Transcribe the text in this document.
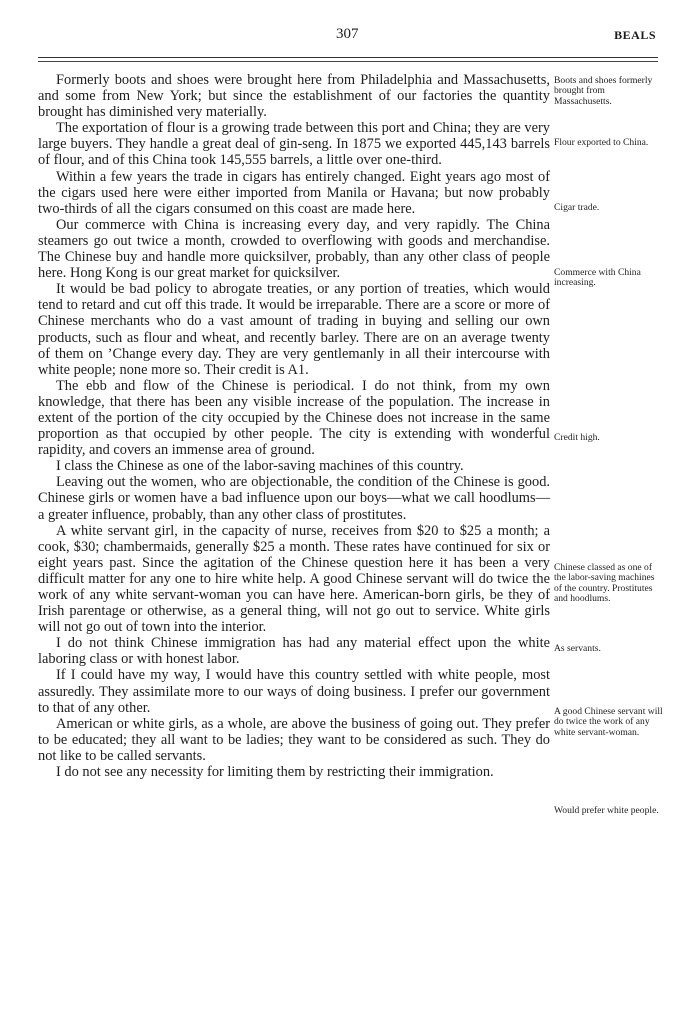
307	BEALS

Formerly boots and shoes were brought here from Philadelphia and Massachusetts, and some from New York; but since the establishment of our factories the quantity brought has diminished very materially.

The exportation of flour is a growing trade between this port and China; they are very large buyers. They handle a great deal of gin-seng. In 1875 we exported 445,143 barrels of flour, and of this China took 145,555 barrels, a little over one-third.

Within a few years the trade in cigars has entirely changed. Eight years ago most of the cigars used here were either imported from Manila or Havana; but now probably two-thirds of all the cigars consumed on this coast are made here.

Our commerce with China is increasing every day, and very rapidly. The China steamers go out twice a month, crowded to overflowing with goods and merchandise. The Chinese buy and handle more quicksilver, probably, than any other class of people here. Hong Kong is our great market for quicksilver.

It would be bad policy to abrogate treaties, or any portion of treaties, which would tend to retard and cut off this trade. It would be irreparable. There are a score or more of Chinese merchants who do a vast amount of trading in buying and selling our own products, such as flour and wheat, and recently barley. There are on an average twenty of them on ’Change every day. They are very gentlemanly in all their intercourse with white people; none more so. Their credit is A1.

The ebb and flow of the Chinese is periodical. I do not think, from my own knowledge, that there has been any visible increase of the population. The increase in extent of the portion of the city occupied by the Chinese does not increase in the same proportion as that occupied by other people. The city is extending with wonderful rapidity, and covers an immense area of ground.

I class the Chinese as one of the labor-saving machines of this country.

Leaving out the women, who are objectionable, the condition of the Chinese is good. Chinese girls or women have a bad influence upon our boys—what we call hoodlums—a greater influence, probably, than any other class of prostitutes.

A white servant girl, in the capacity of nurse, receives from $20 to $25 a month; a cook, $30; chambermaids, generally $25 a month. These rates have continued for six or eight years past. Since the agitation of the Chinese question here it has been a very difficult matter for any one to hire white help. A good Chinese servant will do twice the work of any white servant-woman you can have here. American-born girls, be they of Irish parentage or otherwise, as a general thing, will not go out to service. White girls will not go out of town into the interior.

I do not think Chinese immigration has had any material effect upon the white laboring class or with honest labor.

If I could have my way, I would have this country settled with white people, most assuredly. They assimilate more to our ways of doing business. I prefer our government to that of any other.

American or white girls, as a whole, are above the business of going out. They prefer to be educated; they all want to be ladies; they want to be considered as such. They do not like to be called servants.

I do not see any necessity for limiting them by restricting their immigration.

Boots and shoes formerly brought from Massachusetts.

Flour exported to China.

Cigar trade.

Commerce with China increasing.

Credit high.

Chinese classed as one of the labor-saving machines of the country. Prostitutes and hoodlums.

As servants.

A good Chinese servant will do twice the work of any white servant-woman.

Would prefer white people.
